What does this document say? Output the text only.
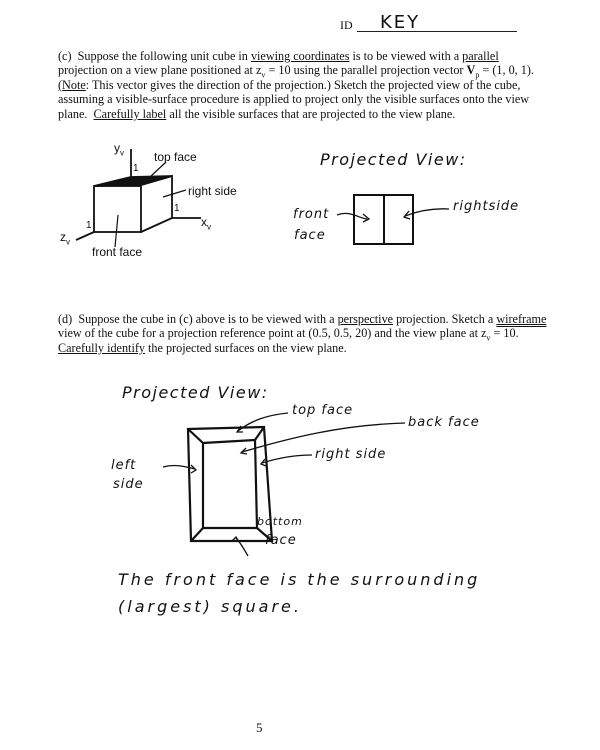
ID KEY
(c) Suppose the following unit cube in viewing coordinates is to be viewed with a parallel projection on a view plane positioned at $z_v = 10$ using the parallel projection vector $V_p = (1$, 0, 1).  (Note: This vector gives the direction of the projection.) Sketch the projected view of the cube, assuming a visible-surface procedure is applied to project only the visible surfaces onto the view plane. Carefully label all the visible surfaces that are projected to the view plane.
$y_v$
1
top face
right side
1
$x_v$
1
$z_v$
front face
Projected View:
front
face
rightside
(d) Suppose the cube in (c) above is to be viewed with a perspective projection. Sketch a wireframe view of the cube for a projection reference point at (0.5, 0.5, 20) and the view plane at $z_v = 10$.  Carefully identify the projected surfaces on the view plane.
Projected View:
top face
back face
right side
left
side
bottom
face
The front face is the surrounding
(largest) square.
5
